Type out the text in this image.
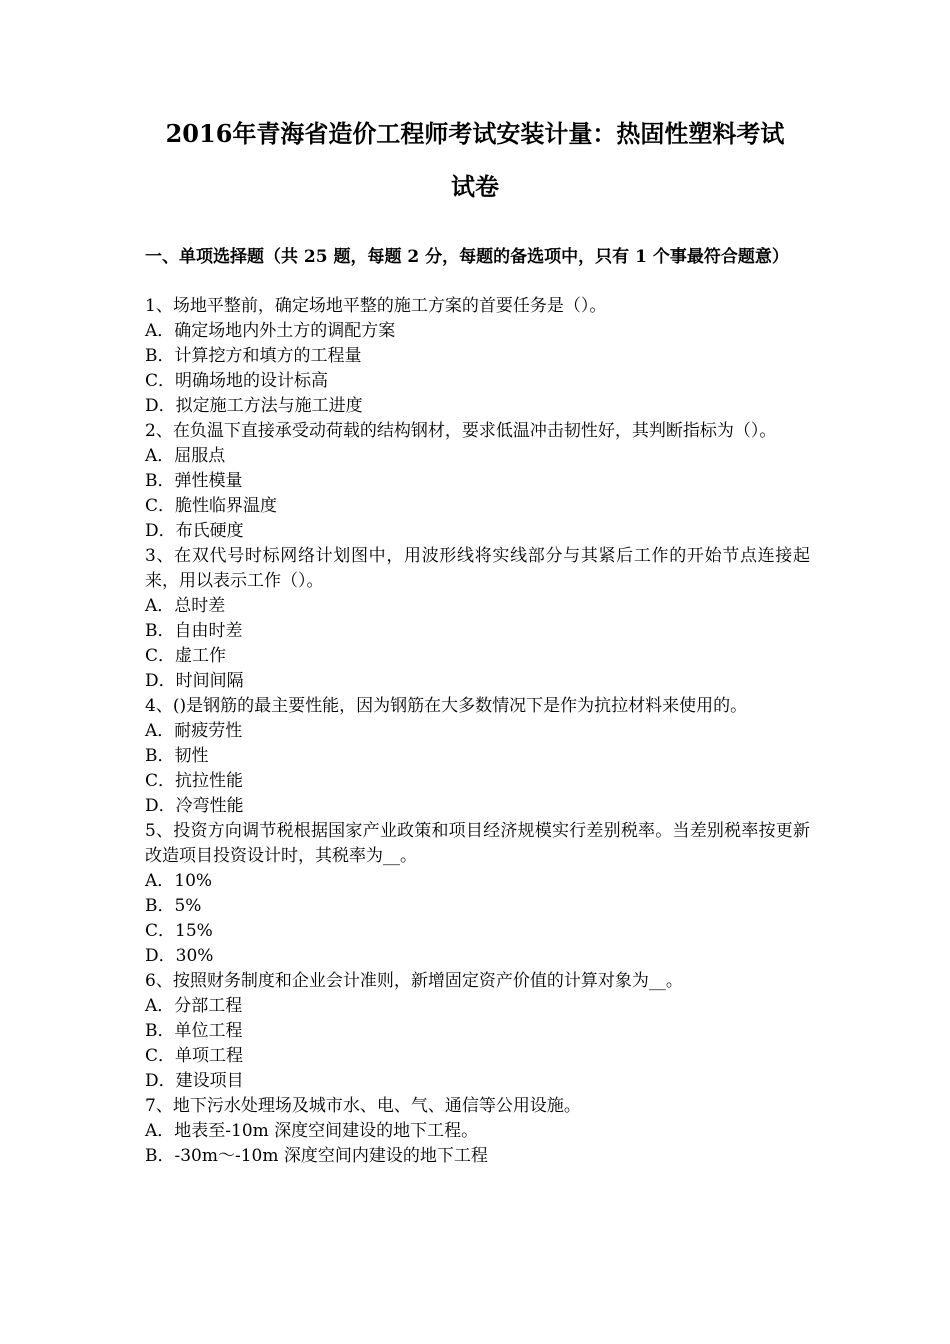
2016年青海省造价工程师考试安装计量：热固性塑料考试
试卷

一、单项选择题（共 25 题，每题 2 分，每题的备选项中，只有 1 个事最符合题意）

1、场地平整前，确定场地平整的施工方案的首要任务是（）。

A．确定场地内外土方的调配方案

B．计算挖方和填方的工程量

C．明确场地的设计标高

D．拟定施工方法与施工进度

2、在负温下直接承受动荷载的结构钢材，要求低温冲击韧性好，其判断指标为（）。

A．屈服点

B．弹性模量

C．脆性临界温度

D．布氏硬度

3、在双代号时标网络计划图中，用波形线将实线部分与其紧后工作的开始节点连接起来，用以表示工作（）。

A．总时差

B．自由时差

C．虚工作

D．时间间隔

4、()是钢筋的最主要性能，因为钢筋在大多数情况下是作为抗拉材料来使用的。

A．耐疲劳性

B．韧性

C．抗拉性能

D．冷弯性能

5、投资方向调节税根据国家产业政策和项目经济规模实行差别税率。当差别税率按更新改造项目投资设计时，其税率为__。

A．10%

B．5%

C．15%

D．30%

6、按照财务制度和企业会计准则，新增固定资产价值的计算对象为__。

A．分部工程

B．单位工程

C．单项工程

D．建设项目

7、地下污水处理场及城市水、电、气、通信等公用设施。

A．地表至-10m 深度空间建设的地下工程。

B．-30m～-10m 深度空间内建设的地下工程
